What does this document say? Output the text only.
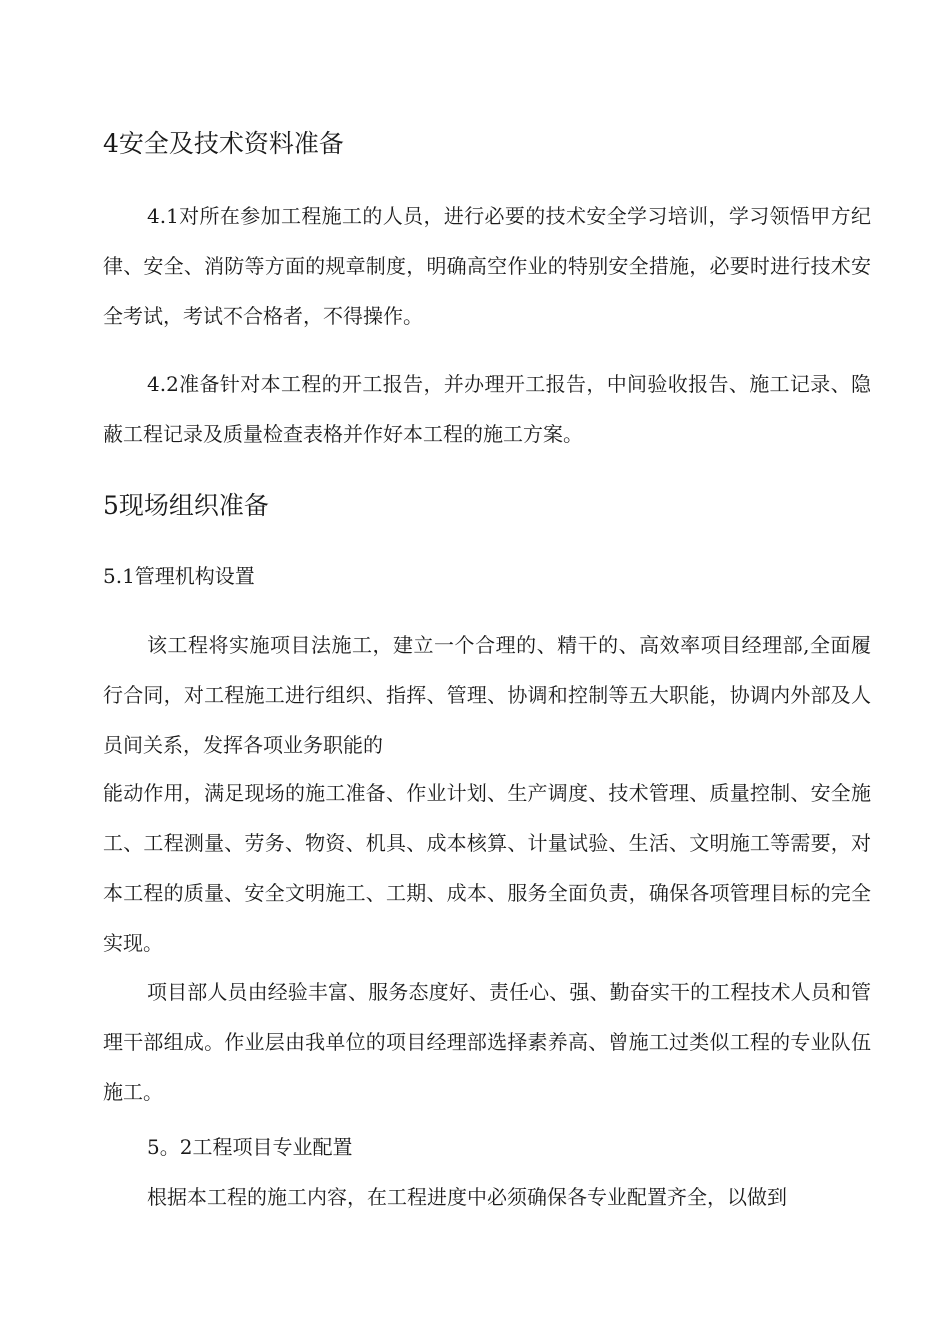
4安全及技术资料准备

4.1对所在参加工程施工的人员，进行必要的技术安全学习培训，学习领悟甲方纪律、安全、消防等方面的规章制度，明确高空作业的特别安全措施，必要时进行技术安全考试，考试不合格者，不得操作。

4.2准备针对本工程的开工报告，并办理开工报告，中间验收报告、施工记录、隐蔽工程记录及质量检查表格并作好本工程的施工方案。

5现场组织准备

5.1管理机构设置

该工程将实施项目法施工，建立一个合理的、精干的、高效率项目经理部,全面履行合同，对工程施工进行组织、指挥、管理、协调和控制等五大职能，协调内外部及人员间关系，发挥各项业务职能的

能动作用，满足现场的施工准备、作业计划、生产调度、技术管理、质量控制、安全施工、工程测量、劳务、物资、机具、成本核算、计量试验、生活、文明施工等需要，对本工程的质量、安全文明施工、工期、成本、服务全面负责，确保各项管理目标的完全实现。

项目部人员由经验丰富、服务态度好、责任心、强、勤奋实干的工程技术人员和管理干部组成。作业层由我单位的项目经理部选择素养高、曾施工过类似工程的专业队伍施工。

5。2工程项目专业配置

根据本工程的施工内容，在工程进度中必须确保各专业配置齐全，以做到
